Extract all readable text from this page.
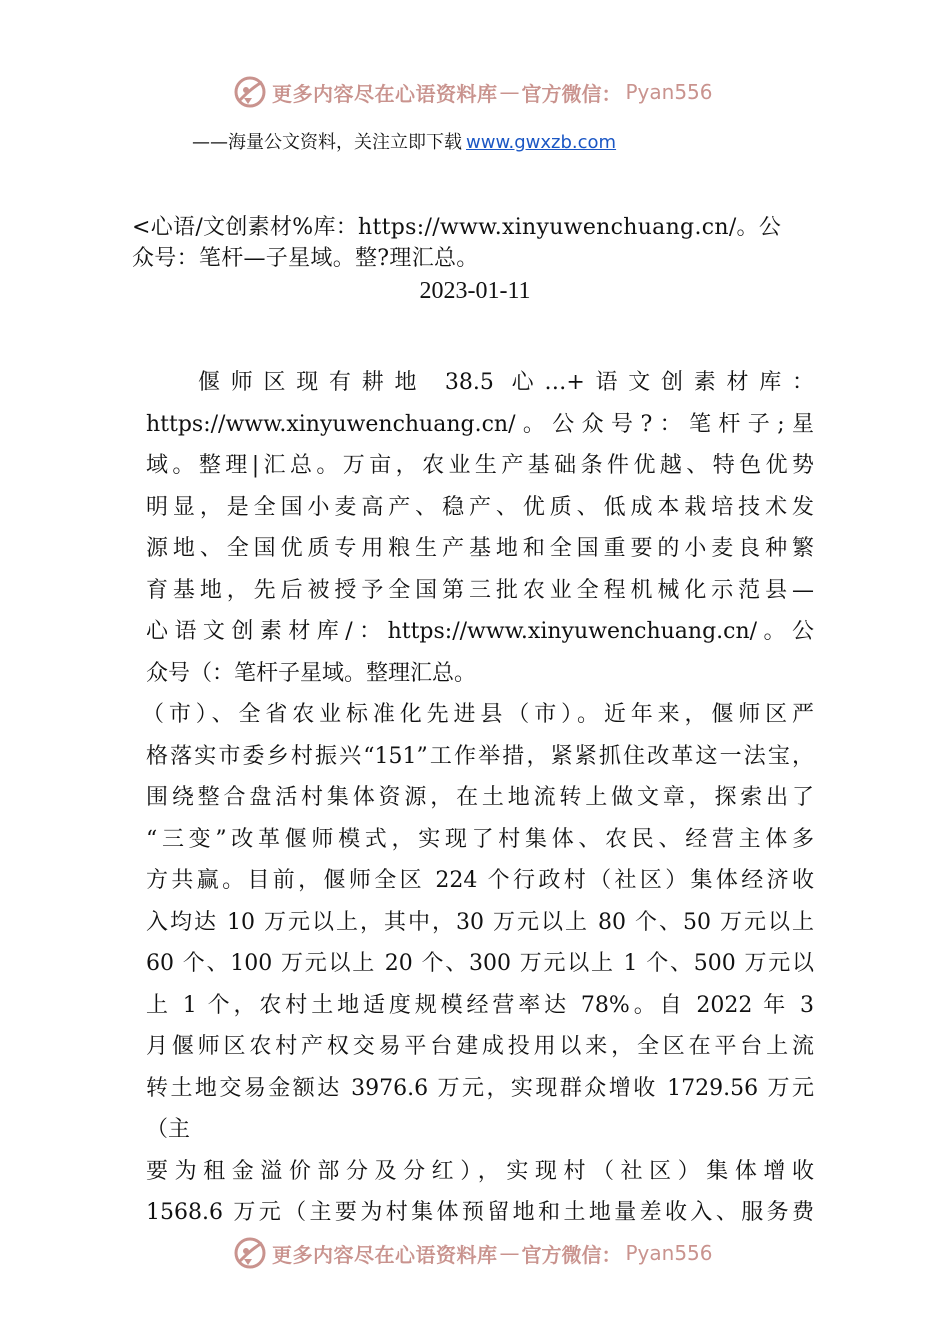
更多内容尽在心语资料库 — 官方微信： Pyan556
——海量公文资料，关注立即下载 www.gwxzb.com
<心语/文创素材%库：https://www.xinyuwenchuang.cn/。公
众号：笔杆—子星域。整?理汇总。
2023-01-11
偃师区现有耕地 38.5 心…+语文创素材库：
https://www.xinyuwenchuang.cn/。公众号?：笔杆子;星
域。整理|汇总。万亩，农业生产基础条件优越、特色优势
明显，是全国小麦高产、稳产、优质、低成本栽培技术发
源地、全国优质专用粮生产基地和全国重要的小麦良种繁
育基地，先后被授予全国第三批农业全程机械化示范县—
心语文创素材库/：https://www.xinyuwenchuang.cn/。公
众号（：笔杆子星域。整理汇总。
（市）、全省农业标准化先进县（市）。近年来，偃师区严
格落实市委乡村振兴“151”工作举措，紧紧抓住改革这一法宝，
围绕整合盘活村集体资源，在土地流转上做文章，探索出了
“三变”改革偃师模式，实现了村集体、农民、经营主体多
方共赢。目前，偃师全区 224 个行政村（社区）集体经济收
入均达 10 万元以上，其中，30 万元以上 80 个、50 万元以上
60 个、100 万元以上 20 个、300 万元以上 1 个、500 万元以
上 1 个，农村土地适度规模经营率达 78%。自 2022 年 3
月偃师区农村产权交易平台建成投用以来，全区在平台上流
转土地交易金额达 3976.6 万元，实现群众增收 1729.56 万元
（主
要为租金溢价部分及分红），实现村（社区）集体增收
1568.6 万元（主要为村集体预留地和土地量差收入、服务费
更多内容尽在心语资料库 — 官方微信： Pyan556
